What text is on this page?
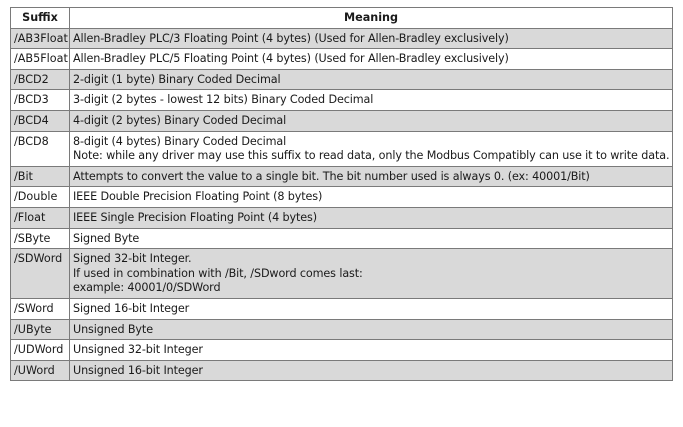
Suffix	Meaning
/AB3Float	Allen-Bradley PLC/3 Floating Point (4 bytes) (Used for Allen-Bradley exclusively)

/AB5Float	Allen-Bradley PLC/5 Floating Point (4 bytes) (Used for Allen-Bradley exclusively)

/BCD2	2-digit (1 byte) Binary Coded Decimal

/BCD3	3-digit (2 bytes - lowest 12 bits) Binary Coded Decimal

/BCD4	4-digit (2 bytes) Binary Coded Decimal

/BCD8	8-digit (4 bytes) Binary Coded Decimal
Note: while any driver may use this suffix to read data, only the Modbus Compatibly can use it to write data.

/Bit	Attempts to convert the value to a single bit. The bit number used is always 0. (ex: 40001/Bit)

/Double	IEEE Double Precision Floating Point (8 bytes)

/Float	IEEE Single Precision Floating Point (4 bytes)

/SByte	Signed Byte

/SDWord	Signed 32-bit Integer.
If used in combination with /Bit, /SDword comes last:
example: 40001/0/SDWord

/SWord	Signed 16-bit Integer

/UByte	Unsigned Byte

/UDWord	Unsigned 32-bit Integer

/UWord	Unsigned 16-bit Integer
